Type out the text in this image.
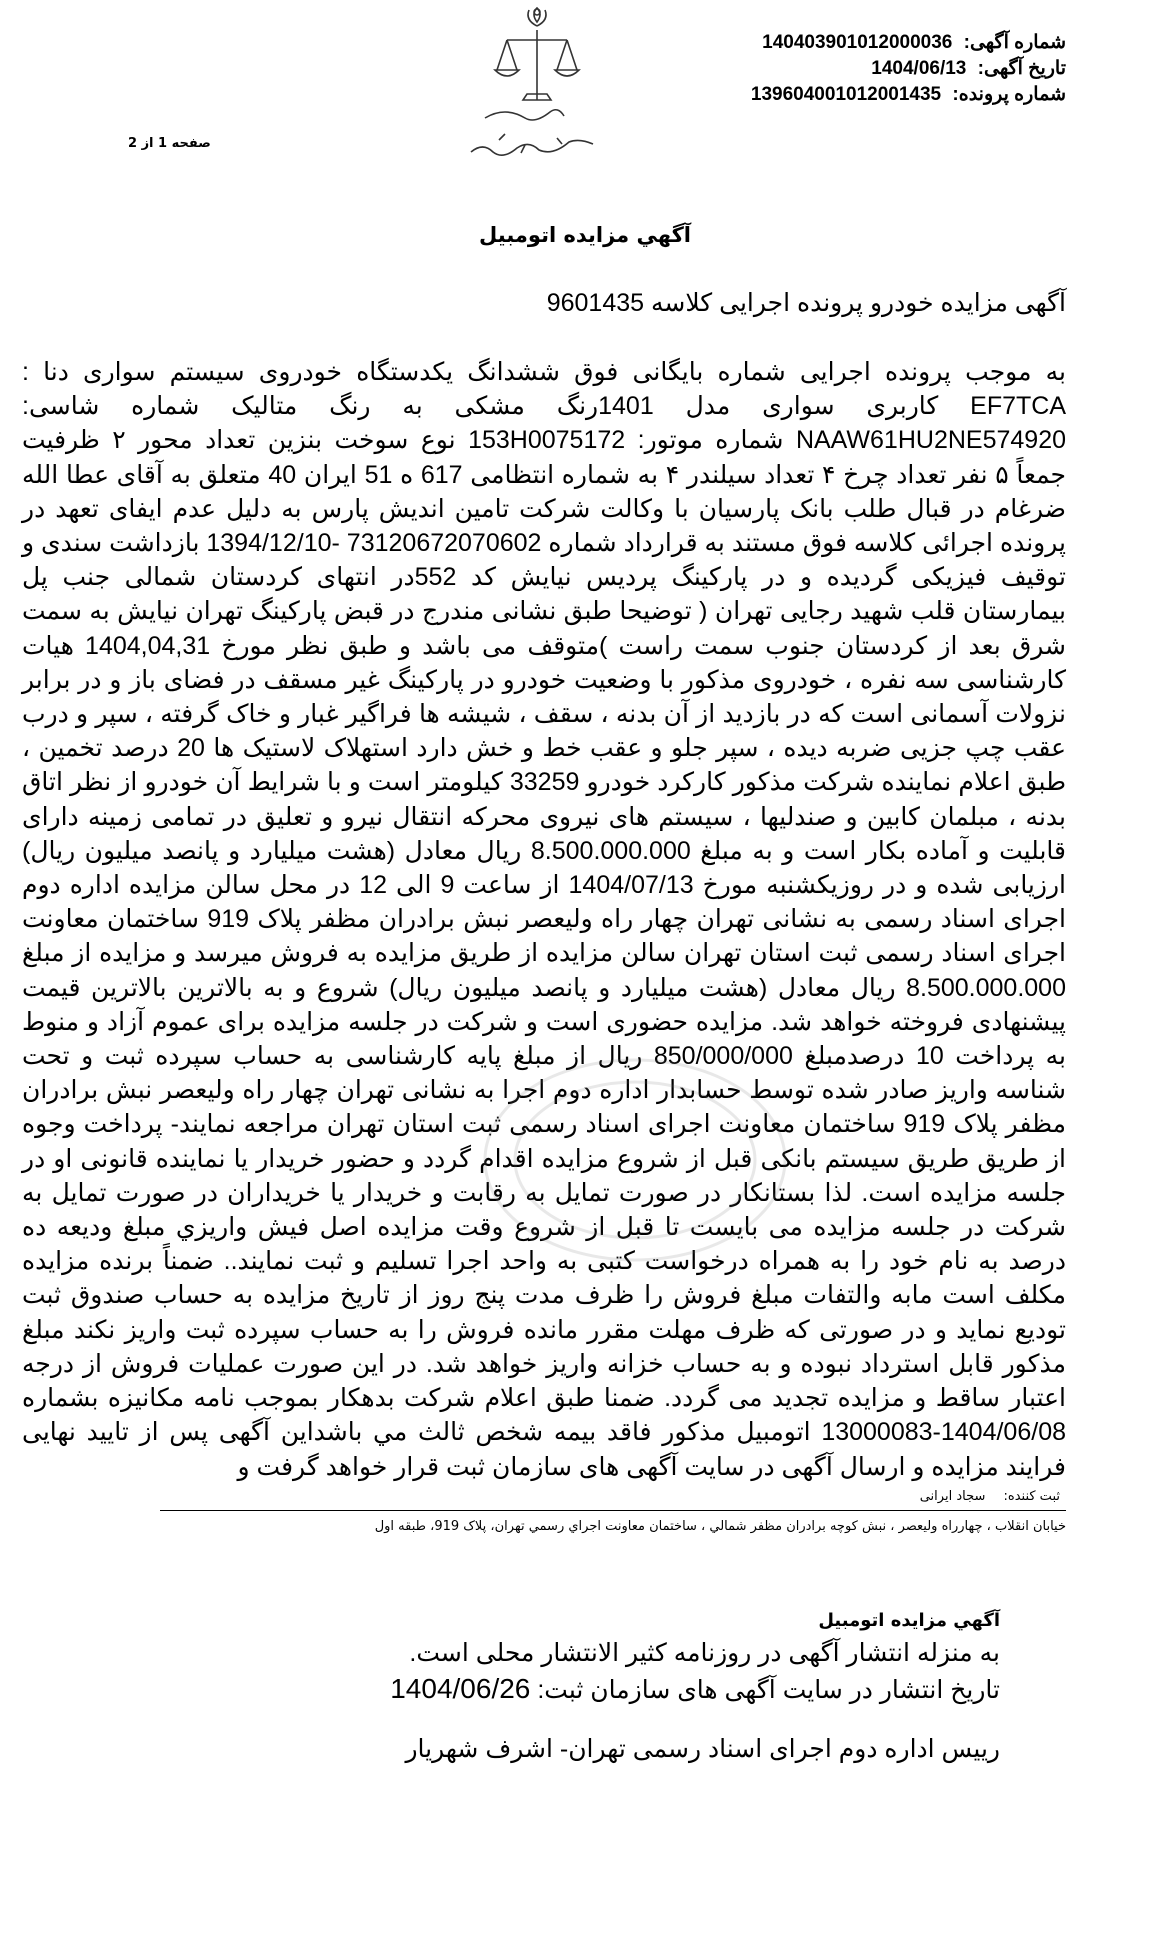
شماره آگهی: 140403901012000036
تاریخ آگهی: 1404/06/13
شماره پرونده: 13960400101200143​5
صفحه 1 از 2
آگهي مزايده اتومبيل
آگهی مزایده خودرو پرونده اجرایی کلاسه 9601435
به موجب پرونده اجرایی شماره بایگانی فوق ششدانگ یکدستگاه خودروی سیستم سواری دنا : EF7TCA کاربری سواری مدل 1401رنگ مشکی به رنگ متالیک شماره شاسی: NAAW61HU2NE574920 شماره موتور: 153H0075172 نوع سوخت بنزین تعداد محور ۲ ظرفیت جمعاً ۵ نفر تعداد چرخ ۴ تعداد سیلندر ۴ به شماره انتظامی 617 ه 51 ایران 40 متعلق به آقای عطا الله ضرغام در قبال طلب بانک پارسیان با وکالت شرکت تامین اندیش پارس به دلیل عدم ایفای تعهد در پرونده اجرائی کلاسه فوق مستند به قرارداد شماره 73120672070602 -1394/12/10 بازداشت سندی و توقیف فیزیکی گردیده و در پارکینگ پردیس نیایش کد 552در انتهای کردستان شمالی جنب پل بیمارستان قلب شهید رجایی تهران ( توضیحا طبق نشانی مندرج در قبض پارکینگ تهران نیایش به سمت شرق بعد از کردستان جنوب سمت راست )متوقف می باشد و طبق نظر مورخ 1404,04,31 هیات کارشناسی سه نفره ، خودروی مذکور با وضعیت خودرو در پارکینگ غیر مسقف در فضای باز و در برابر نزولات آسمانی است که در بازدید از آن بدنه ، سقف ، شیشه ها فراگیر غبار و خاک گرفته ، سپر و درب عقب چپ جزیی ضربه دیده ، سپر جلو و عقب خط و خش دارد استهلاک لاستیک ها 20 درصد تخمین ، طبق اعلام نماینده شرکت مذکور کارکرد خودرو 33259 کیلومتر است و با شرایط آن خودرو از نظر اتاق بدنه ، مبلمان کابین و صندلیها ، سیستم های نیروی محرکه انتقال نیرو و تعلیق در تمامی زمینه دارای قابلیت و آماده بکار است و به مبلغ 8.500.000.000 ریال معادل (هشت میلیارد و پانصد میلیون ریال) ارزیابی شده و در روزیکشنبه مورخ 1404/07/13 از ساعت 9 الی 12 در محل سالن مزایده اداره دوم اجرای اسناد رسمی به نشانی تهران چهار راه ولیعصر نبش برادران مظفر پلاک 919 ساختمان معاونت اجرای اسناد رسمی ثبت استان تهران سالن مزایده از طریق مزایده به فروش میرسد و مزایده از مبلغ 8.500.000.000 ریال معادل (هشت میلیارد و پانصد میلیون ریال) شروع و به بالاترین بالاترین قیمت پیشنهادی فروخته خواهد شد. مزایده حضوری است و شرکت در جلسه مزایده برای عموم آزاد و منوط به پرداخت 10 درصدمبلغ 850/000/000 ریال از مبلغ پایه کارشناسی به حساب سپرده ثبت و تحت شناسه واریز صادر شده توسط حسابدار اداره دوم اجرا به نشانی تهران چهار راه ولیعصر نبش برادران مظفر پلاک 919 ساختمان معاونت اجرای اسناد رسمی ثبت استان تهران مراجعه نمایند- پرداخت وجوه از طریق طریق سیستم بانکی قبل از شروع مزایده اقدام گردد و حضور خریدار یا نماینده قانونی او در جلسه مزایده است. لذا بستانکار در صورت تمایل به رقابت و خریدار یا خریداران در صورت تمایل به شرکت در جلسه مزایده می بایست تا قبل از شروع وقت مزایده اصل فیش واریزي مبلغ ودیعه ده درصد به نام خود را به همراه درخواست کتبی به واحد اجرا تسلیم و ثبت نمایند.. ضمناً برنده مزایده مکلف است مابه والتفات مبلغ فروش را ظرف مدت پنج روز از تاریخ مزایده به حساب صندوق ثبت تودیع نماید و در صورتی که ظرف مهلت مقرر مانده فروش را به حساب سپرده ثبت واریز نکند مبلغ مذکور قابل استرداد نبوده و به حساب خزانه واریز خواهد شد. در این صورت عملیات فروش از درجه اعتبار ساقط و مزایده تجدید می گردد. ضمنا طبق اعلام شرکت بدهکار بموجب نامه مکانیزه بشماره 1404/06/08-13000083 اتومبیل مذکور فاقد بیمه شخص ثالث مي باشداین آگهی پس از تایید نهایی فرایند مزایده و ارسال آگهی در سایت آگهی های سازمان ثبت قرار خواهد گرفت و
ثبت کننده: سجاد ایرانی
خیابان انقلاب ، چهارراه ولیعصر ، نبش کوچه برادران مظفر شمالي ، ساختمان معاونت اجراي رسمي تهران، پلاک 919، طبقه اول
آگهي مزايده اتومبيل
به منزله انتشار آگهی در روزنامه کثیر الانتشار محلی است.
تاریخ انتشار در سایت آگهی های سازمان ثبت: 1404/06/26
رییس اداره دوم اجرای اسناد رسمی تهران- اشرف شهریار
